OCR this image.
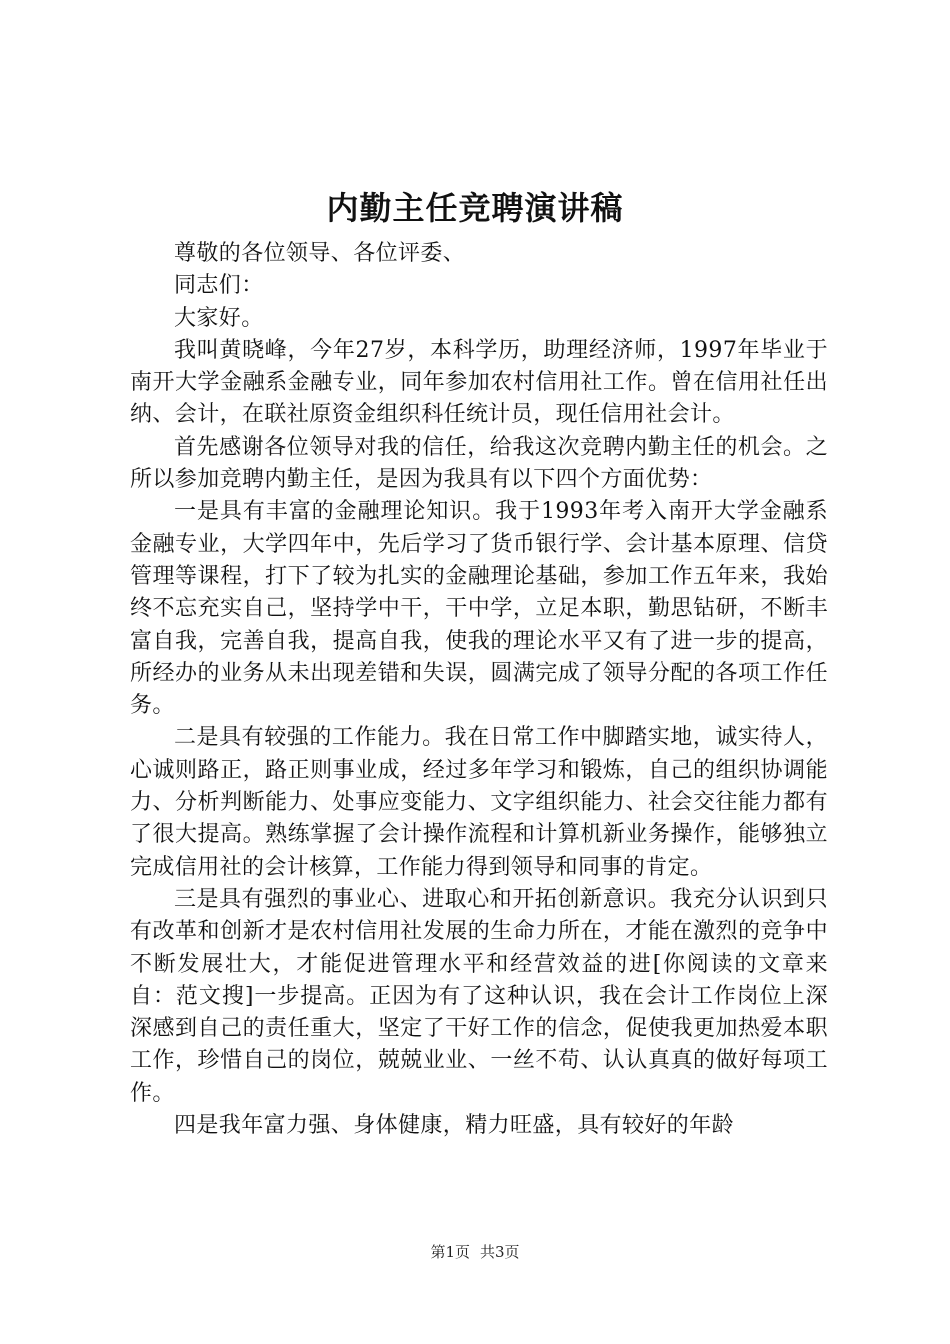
内勤主任竞聘演讲稿

尊敬的各位领导、各位评委、

同志们：

大家好。

我叫黄晓峰，今年27岁，本科学历，助理经济师，1997年毕业于南开大学金融系金融专业，同年参加农村信用社工作。曾在信用社任出纳、会计，在联社原资金组织科任统计员，现任信用社会计。

首先感谢各位领导对我的信任，给我这次竞聘内勤主任的机会。之所以参加竞聘内勤主任，是因为我具有以下四个方面优势：

一是具有丰富的金融理论知识。我于1993年考入南开大学金融系金融专业，大学四年中，先后学习了货币银行学、会计基本原理、信贷管理等课程，打下了较为扎实的金融理论基础，参加工作五年来，我始终不忘充实自己，坚持学中干，干中学，立足本职，勤思钻研，不断丰富自我，完善自我，提高自我，使我的理论水平又有了进一步的提高，所经办的业务从未出现差错和失误，圆满完成了领导分配的各项工作任务。

二是具有较强的工作能力。我在日常工作中脚踏实地，诚实待人，心诚则路正，路正则事业成，经过多年学习和锻炼，自己的组织协调能力、分析判断能力、处事应变能力、文字组织能力、社会交往能力都有了很大提高。熟练掌握了会计操作流程和计算机新业务操作，能够独立完成信用社的会计核算，工作能力得到领导和同事的肯定。

三是具有强烈的事业心、进取心和开拓创新意识。我充分认识到只有改革和创新才是农村信用社发展的生命力所在，才能在激烈的竞争中不断发展壮大，才能促进管理水平和经营效益的进[你阅读的文章来自：范文搜]一步提高。正因为有了这种认识，我在会计工作岗位上深深感到自己的责任重大，坚定了干好工作的信念，促使我更加热爱本职工作，珍惜自己的岗位，兢兢业业、一丝不苟、认认真真的做好每项工作。

四是我年富力强、身体健康，精力旺盛，具有较好的年龄

第1页 共3页
